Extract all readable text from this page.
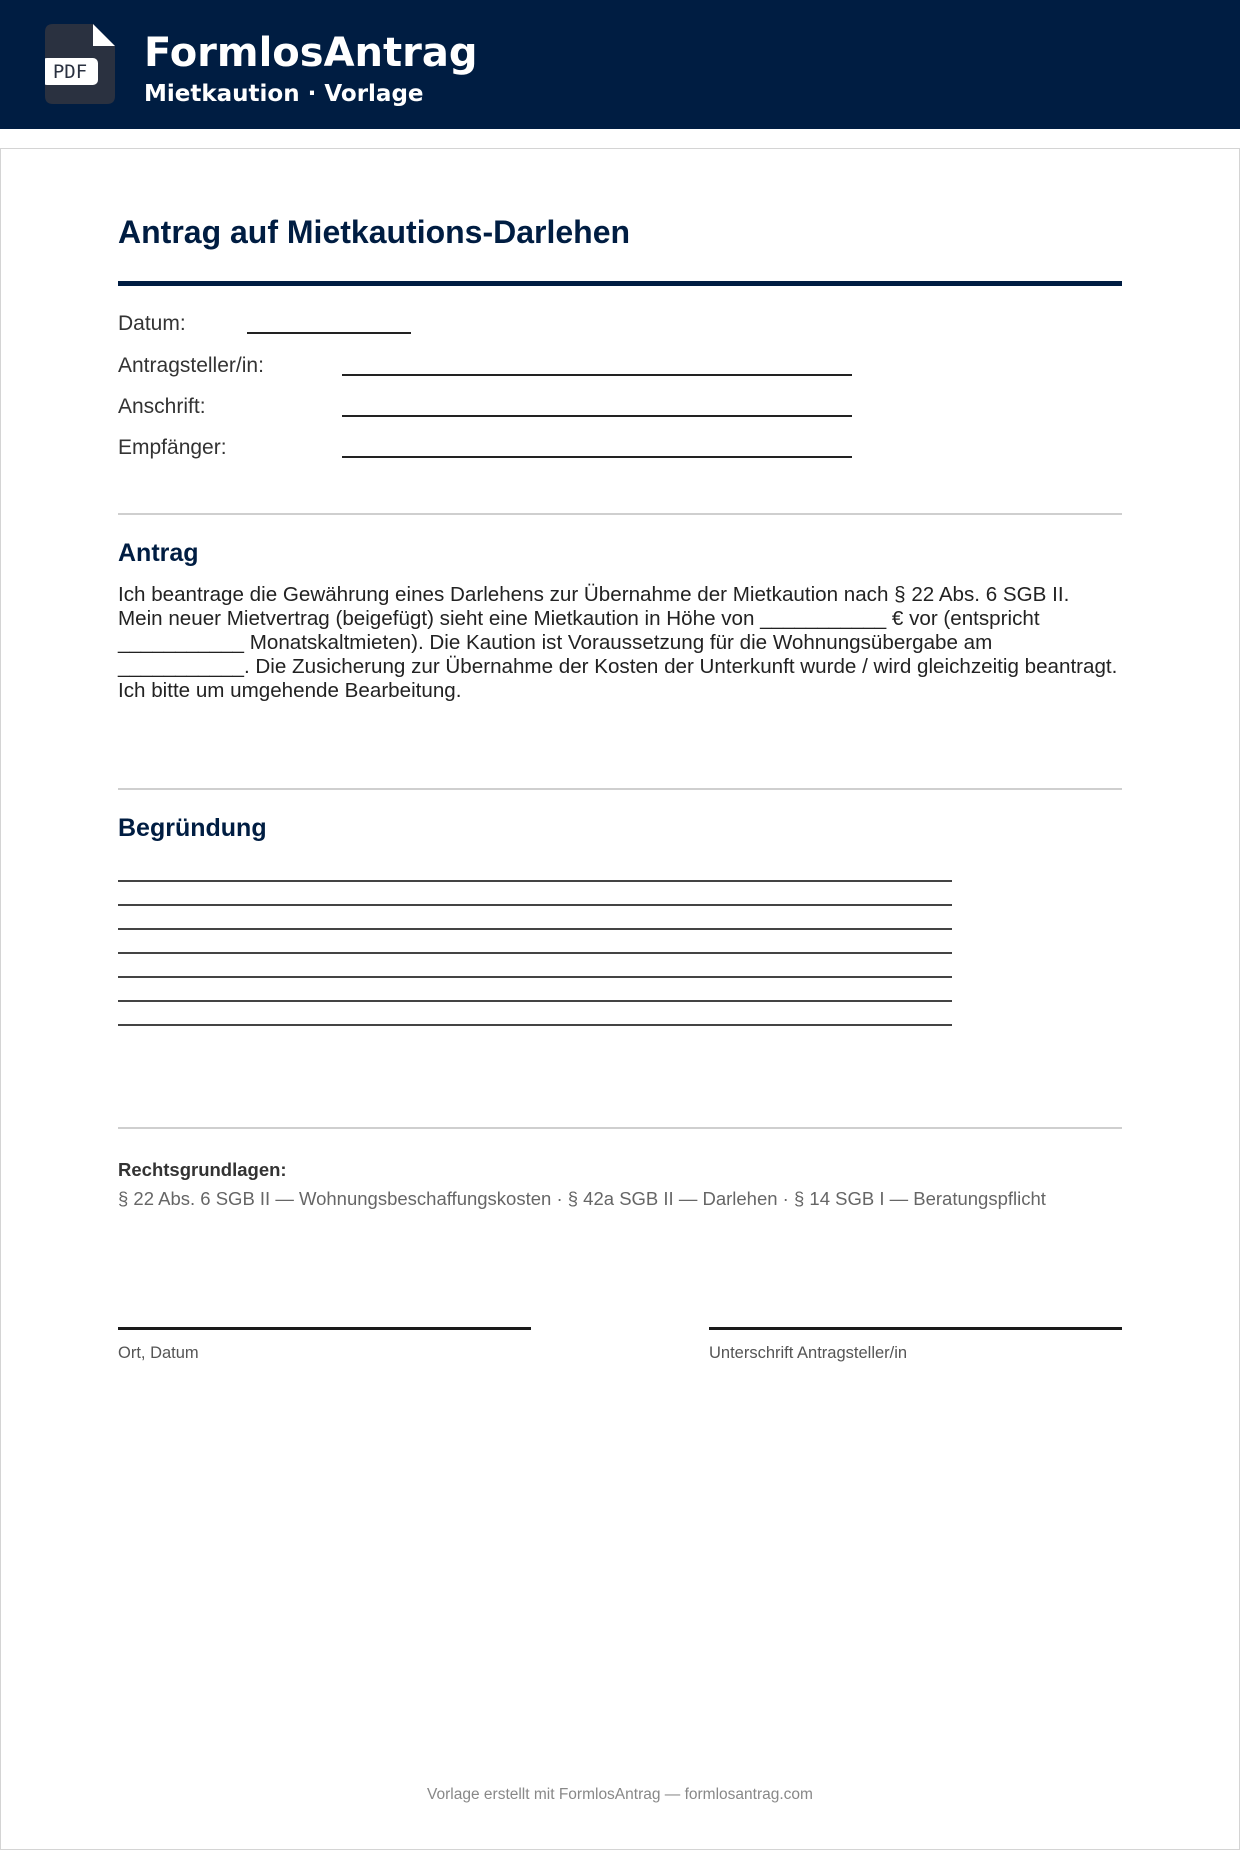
PDF FormlosAntrag
Mietkaution · Vorlage
Antrag auf Mietkautions-Darlehen
Datum:
Antragsteller/in:
Anschrift:
Empfänger:
Antrag
Ich beantrage die Gewährung eines Darlehens zur Übernahme der Mietkaution nach § 22 Abs. 6 SGB II. Mein neuer Mietvertrag (beigefügt) sieht eine Mietkaution in Höhe von ___________ € vor (entspricht ___________ Monatskaltmieten). Die Kaution ist Voraussetzung für die Wohnungsübergabe am ___________. Die Zusicherung zur Übernahme der Kosten der Unterkunft wurde / wird gleichzeitig beantragt. Ich bitte um umgehende Bearbeitung.
Begründung
Rechtsgrundlagen:
§ 22 Abs. 6 SGB II — Wohnungsbeschaffungskosten · § 42a SGB II — Darlehen · § 14 SGB I — Beratungspflicht
Ort, Datum	Unterschrift Antragsteller/in
Vorlage erstellt mit FormlosAntrag — formlosantrag.com
